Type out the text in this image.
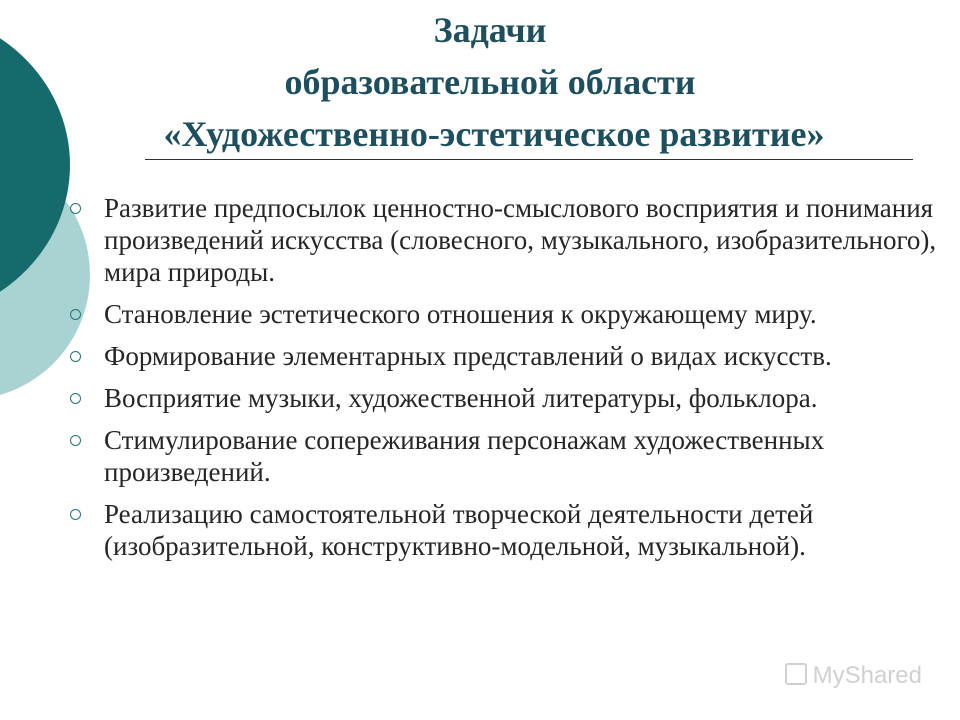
Задачи
образовательной области
«Художественно-эстетическое развитие»
Развитие предпосылок ценностно-смыслового восприятия и понимания произведений искусства (словесного, музыкального, изобразительного), мира природы.
Становление эстетического отношения к окружающему миру.
Формирование элементарных представлений о видах искусств.
Восприятие музыки, художественной литературы, фольклора.
Стимулирование сопереживания персонажам художественных произведений.
Реализацию самостоятельной творческой деятельности детей (изобразительной, конструктивно-модельной, музыкальной).
MyShared
